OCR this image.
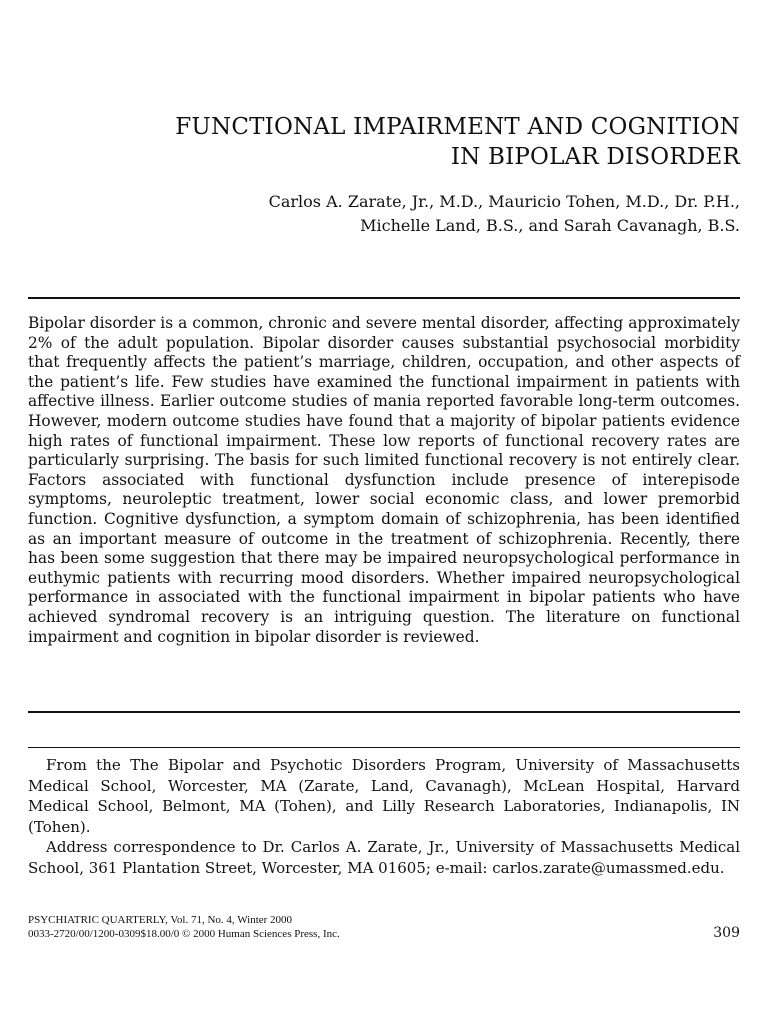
FUNCTIONAL IMPAIRMENT AND COGNITION
IN BIPOLAR DISORDER
Carlos A. Zarate, Jr., M.D., Mauricio Tohen, M.D., Dr. P.H.,
Michelle Land, B.S., and Sarah Cavanagh, B.S.

Bipolar disorder is a common, chronic and severe mental disorder, affecting approximately 2% of the adult population. Bipolar disorder causes substantial psychosocial morbidity that frequently affects the patient’s marriage, children, occupation, and other aspects of the patient’s life. Few studies have examined the functional impairment in patients with affective illness. Earlier outcome studies of mania reported favorable long-term outcomes. However, modern outcome studies have found that a majority of bipolar patients evidence high rates of functional impairment. These low reports of functional recovery rates are particularly surprising. The basis for such limited functional recovery is not entirely clear. Factors associated with functional dysfunction include presence of interepisode symptoms, neuroleptic treatment, lower social economic class, and lower premorbid function. Cognitive dysfunction, a symptom domain of schizophrenia, has been identified as an important measure of outcome in the treatment of schizophrenia. Recently, there has been some suggestion that there may be impaired neuropsychological performance in euthymic patients with recurring mood disorders. Whether impaired neuropsychological performance in associated with the functional impairment in bipolar patients who have achieved syndromal recovery is an intriguing question. The literature on functional impairment and cognition in bipolar disorder is reviewed.

From the The Bipolar and Psychotic Disorders Program, University of Massachusetts Medical School, Worcester, MA (Zarate, Land, Cavanagh), McLean Hospital, Harvard Medical School, Belmont, MA (Tohen), and Lilly Research Laboratories, Indianapolis, IN (Tohen).

Address correspondence to Dr. Carlos A. Zarate, Jr., University of Massachusetts Medical School, 361 Plantation Street, Worcester, MA 01605; e-mail: carlos.zarate@umassmed.edu.

PSYCHIATRIC QUARTERLY, Vol. 71, No. 4, Winter 2000
0033-2720/00/1200-0309$18.00/0 © 2000 Human Sciences Press, Inc.	309
